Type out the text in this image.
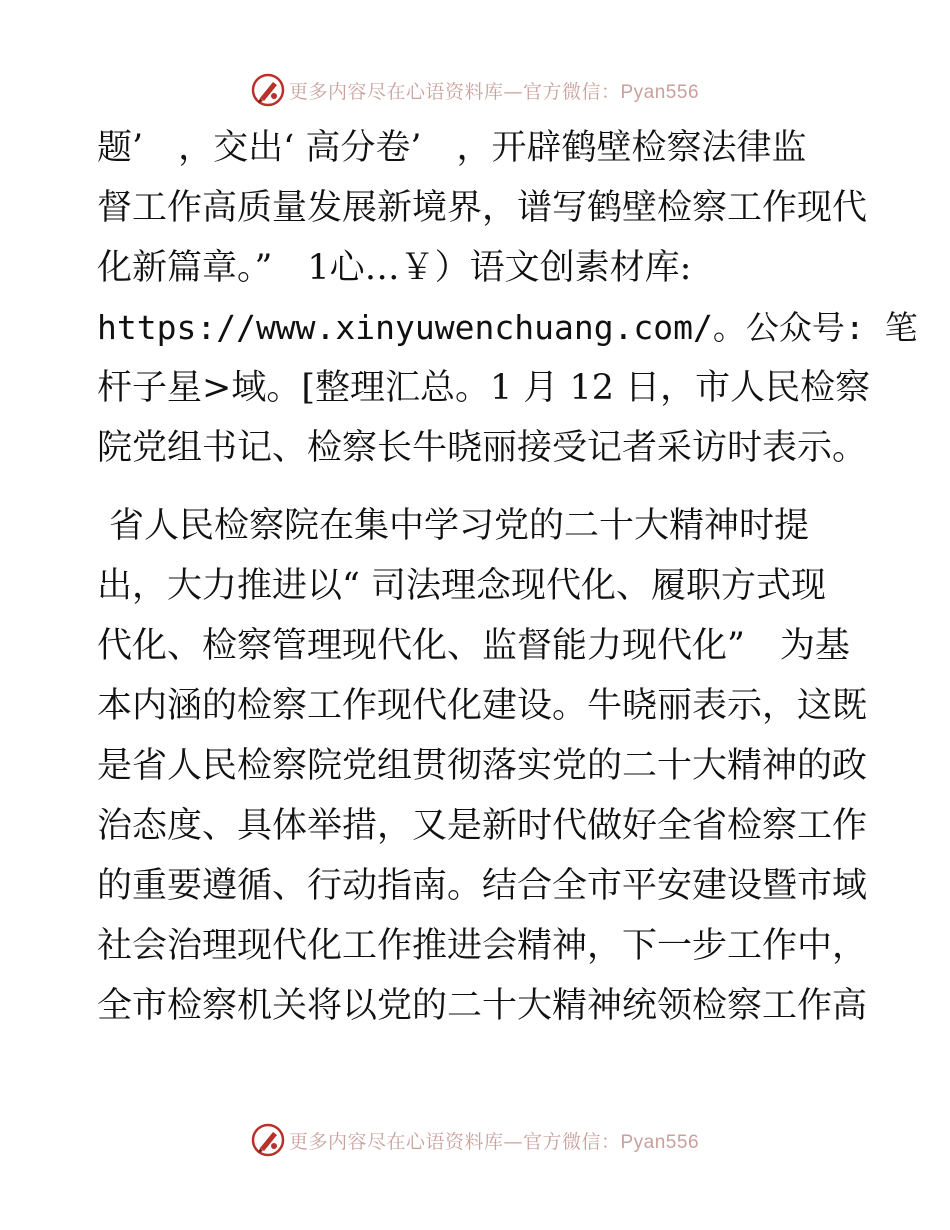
更多内容尽在心语资料库—官方微信：Pyan556
题’　，交出‘ 高分卷’　，开辟鹤壁检察法律监
督工作高质量发展新境界，谱写鹤壁检察工作现代
化新篇章。”　1心…￥）语文创素材库:
https://www.xinyuwenchuang.com/。公众号: 笔
杆子星>域。[整理汇总。1 月 12 日，市人民检察
院党组书记、检察长牛晓丽接受记者采访时表示。
省人民检察院在集中学习党的二十大精神时提
出，大力推进以“ 司法理念现代化、履职方式现
代化、检察管理现代化、监督能力现代化”　为基
本内涵的检察工作现代化建设。牛晓丽表示，这既
是省人民检察院党组贯彻落实党的二十大精神的政
治态度、具体举措，又是新时代做好全省检察工作
的重要遵循、行动指南。结合全市平安建设暨市域
社会治理现代化工作推进会精神，下一步工作中，
全市检察机关将以党的二十大精神统领检察工作高
更多内容尽在心语资料库—官方微信：Pyan556
